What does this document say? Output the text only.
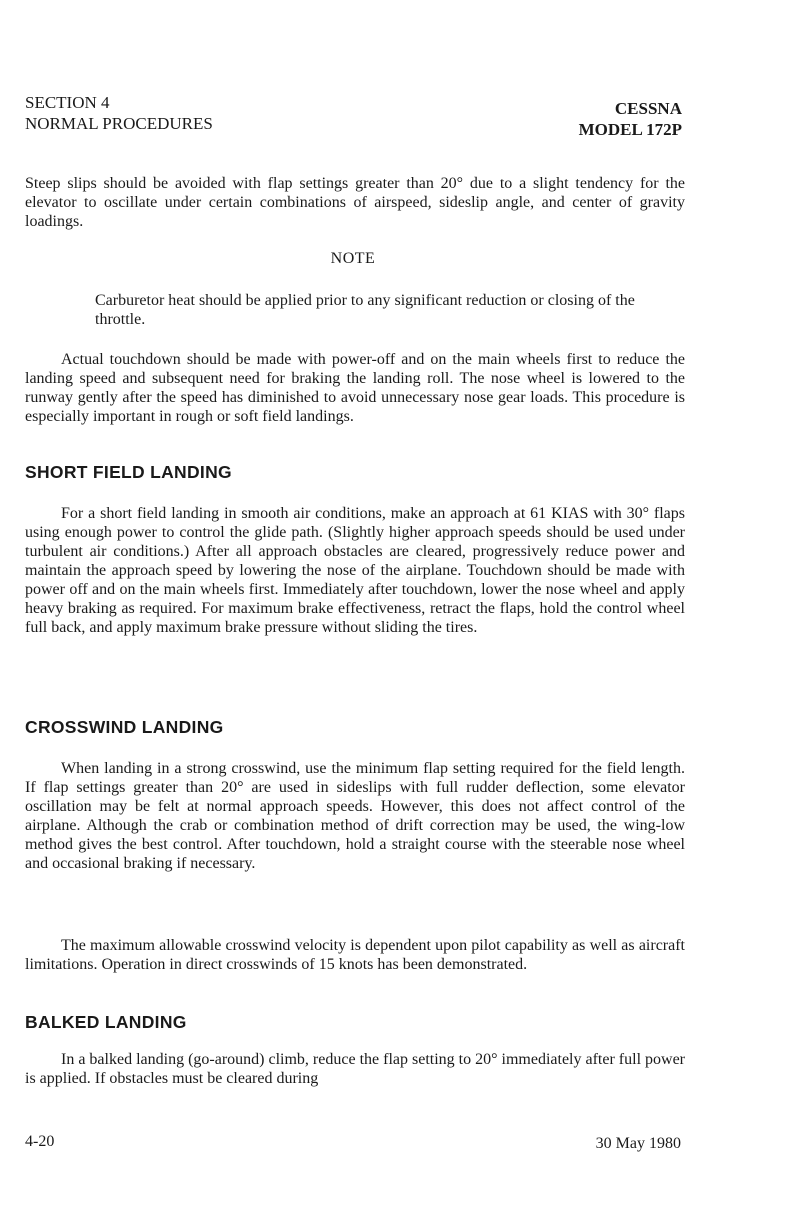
SECTION 4
NORMAL PROCEDURES
CESSNA
MODEL 172P
Steep slips should be avoided with flap settings greater than 20° due to a slight tendency for the elevator to oscillate under certain combinations of airspeed, sideslip angle, and center of gravity loadings.
NOTE
Carburetor heat should be applied prior to any significant reduction or closing of the throttle.
Actual touchdown should be made with power-off and on the main wheels first to reduce the landing speed and subsequent need for braking the landing roll. The nose wheel is lowered to the runway gently after the speed has diminished to avoid unnecessary nose gear loads. This procedure is especially important in rough or soft field landings.
SHORT FIELD LANDING
For a short field landing in smooth air conditions, make an approach at 61 KIAS with 30° flaps using enough power to control the glide path. (Slightly higher approach speeds should be used under turbulent air conditions.) After all approach obstacles are cleared, progressively reduce power and maintain the approach speed by lowering the nose of the airplane. Touchdown should be made with power off and on the main wheels first. Immediately after touchdown, lower the nose wheel and apply heavy braking as required. For maximum brake effectiveness, retract the flaps, hold the control wheel full back, and apply maximum brake pressure without sliding the tires.
CROSSWIND LANDING
When landing in a strong crosswind, use the minimum flap setting required for the field length. If flap settings greater than 20° are used in sideslips with full rudder deflection, some elevator oscillation may be felt at normal approach speeds. However, this does not affect control of the airplane. Although the crab or combination method of drift correction may be used, the wing-low method gives the best control. After touchdown, hold a straight course with the steerable nose wheel and occasional braking if necessary.
The maximum allowable crosswind velocity is dependent upon pilot capability as well as aircraft limitations. Operation in direct crosswinds of 15 knots has been demonstrated.
BALKED LANDING
In a balked landing (go-around) climb, reduce the flap setting to 20° immediately after full power is applied. If obstacles must be cleared during
4-20	30 May 1980
